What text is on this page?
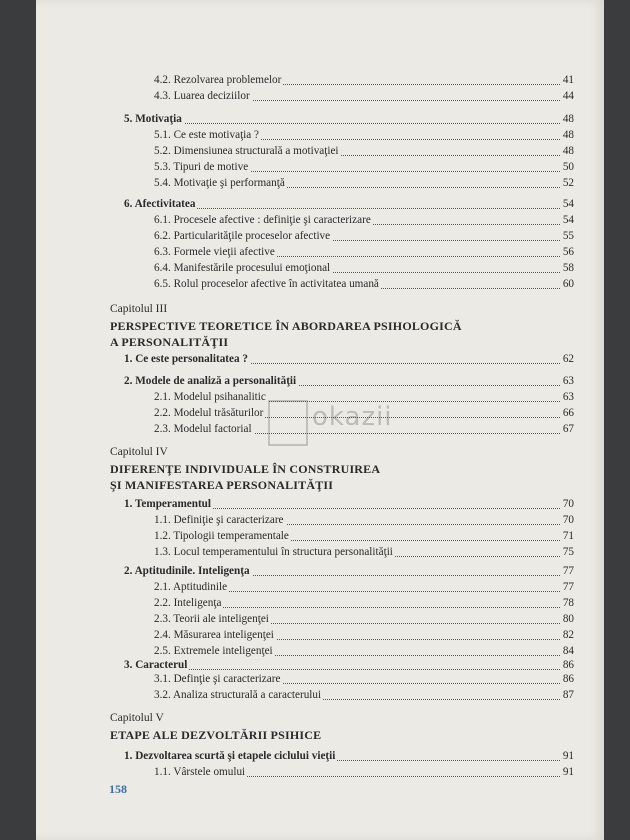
4.2. Rezolvarea problemelor	41
4.3. Luarea deciziilor	44
5. Motivaţia	48
5.1. Ce este motivaţia ?	48
5.2. Dimensiunea structurală a motivaţiei	48
5.3. Tipuri de motive	50
5.4. Motivaţie şi performanţă	52
6. Afectivitatea	54
6.1. Procesele afective : definiţie şi caracterizare	54
6.2. Particularităţile proceselor afective	55
6.3. Formele vieţii afective	56
6.4. Manifestările procesului emoţional	58
6.5. Rolul proceselor afective în activitatea umană	60
Capitolul III
PERSPECTIVE TEORETICE ÎN ABORDAREA PSIHOLOGICĂ
A PERSONALITĂŢII
1. Ce este personalitatea ?	62
2. Modele de analiză a personalităţii	63
2.1. Modelul psihanalitic	63
2.2. Modelul trăsăturilor	66
2.3. Modelul factorial	67
Capitolul IV
DIFERENŢE INDIVIDUALE ÎN CONSTRUIREA
ŞI MANIFESTAREA PERSONALITĂŢII
1. Temperamentul	70
1.1. Definiţie şi caracterizare	70
1.2. Tipologii temperamentale	71
1.3. Locul temperamentului în structura personalităţii	75
2. Aptitudinile. Inteligenţa	77
2.1. Aptitudinile	77
2.2. Inteligenţa	78
2.3. Teorii ale inteligenţei	80
2.4. Măsurarea inteligenţei	82
2.5. Extremele inteligenţei	84
3. Caracterul	86
3.1. Definţie şi caracterizare	86
3.2. Analiza structurală a caracterului	87
Capitolul V
ETAPE ALE DEZVOLTĂRII PSIHICE
1. Dezvoltarea scurtă şi etapele ciclului vieţii	91
1.1. Vârstele omului	91
158
okazii
